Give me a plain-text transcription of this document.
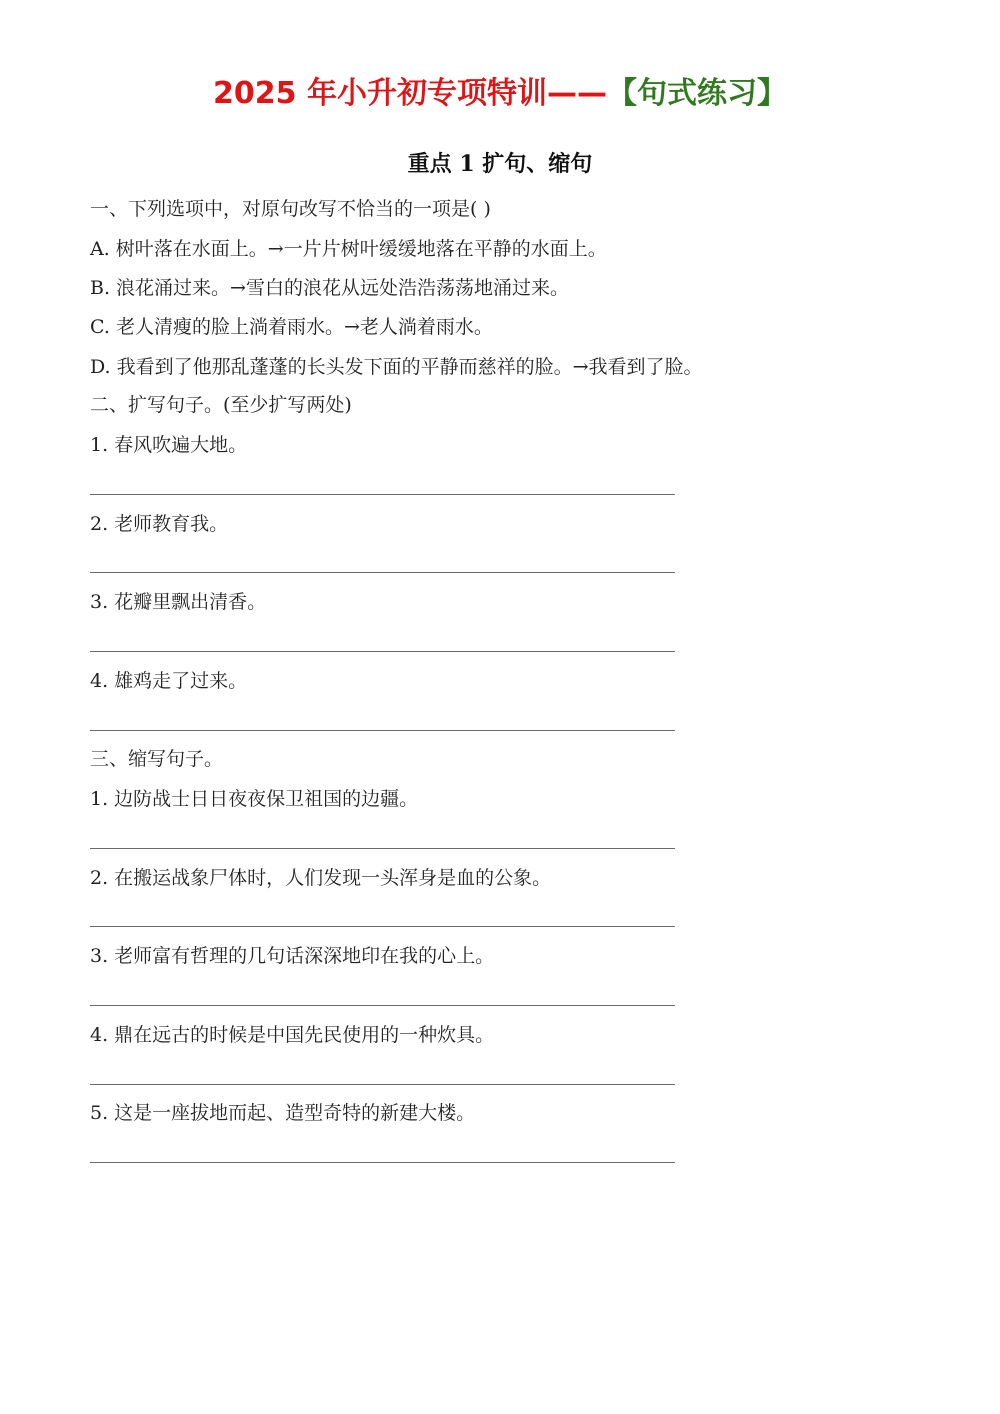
2025 年小升初专项特训——【句式练习】
重点 1 扩句、缩句
一、下列选项中，对原句改写不恰当的一项是( )
A. 树叶落在水面上。→一片片树叶缓缓地落在平静的水面上。
B. 浪花涌过来。→雪白的浪花从远处浩浩荡荡地涌过来。
C. 老人清瘦的脸上淌着雨水。→老人淌着雨水。
D. 我看到了他那乱蓬蓬的长头发下面的平静而慈祥的脸。→我看到了脸。
二、扩写句子。(至少扩写两处)
1. 春风吹遍大地。
2. 老师教育我。
3. 花瓣里飘出清香。
4. 雄鸡走了过来。
三、缩写句子。
1. 边防战士日日夜夜保卫祖国的边疆。
2. 在搬运战象尸体时，人们发现一头浑身是血的公象。
3. 老师富有哲理的几句话深深地印在我的心上。
4. 鼎在远古的时候是中国先民使用的一种炊具。
5. 这是一座拔地而起、造型奇特的新建大楼。
